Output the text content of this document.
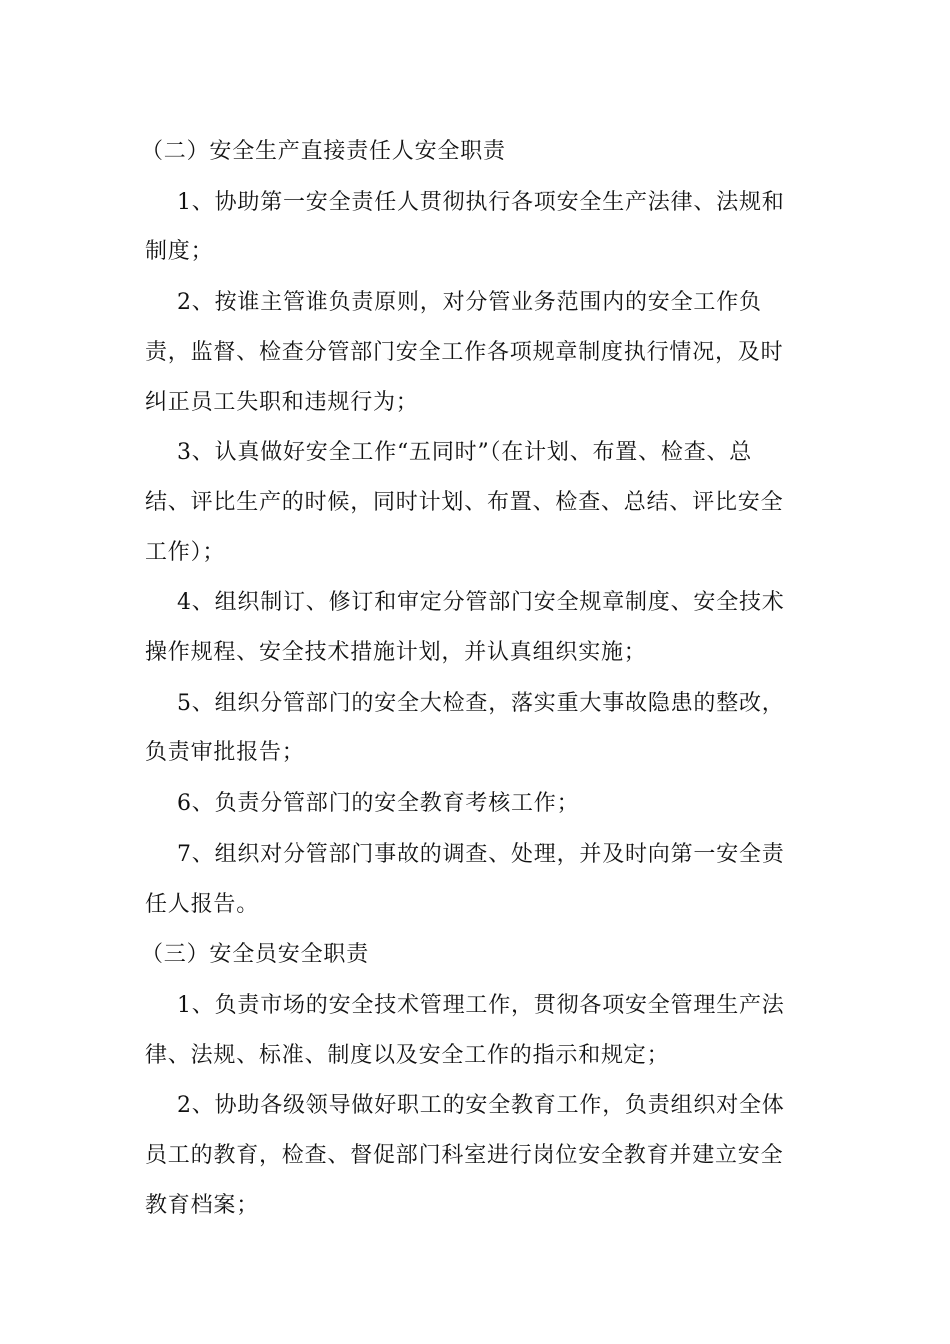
（二）安全生产直接责任人安全职责

1、协助第一安全责任人贯彻执行各项安全生产法律、法规和制度；

2、按谁主管谁负责原则，对分管业务范围内的安全工作负责，监督、检查分管部门安全工作各项规章制度执行情况，及时纠正员工失职和违规行为；

3、认真做好安全工作“五同时”（在计划、布置、检查、总结、评比生产的时候，同时计划、布置、检查、总结、评比安全工作）；

4、组织制订、修订和审定分管部门安全规章制度、安全技术操作规程、安全技术措施计划，并认真组织实施；

5、组织分管部门的安全大检查，落实重大事故隐患的整改，负责审批报告；

6、负责分管部门的安全教育考核工作；

7、组织对分管部门事故的调查、处理，并及时向第一安全责任人报告。

（三）安全员安全职责

1、负责市场的安全技术管理工作，贯彻各项安全管理生产法律、法规、标准、制度以及安全工作的指示和规定；

2、协助各级领导做好职工的安全教育工作，负责组织对全体员工的教育，检查、督促部门科室进行岗位安全教育并建立安全教育档案；
